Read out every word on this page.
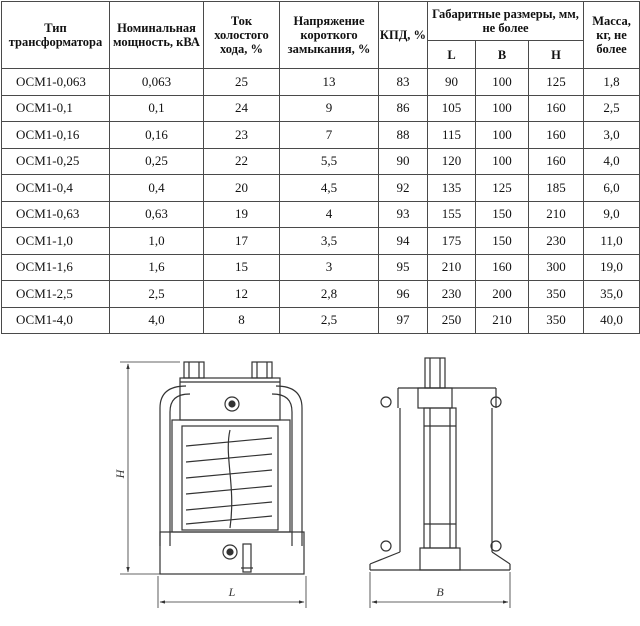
Тип трансформатора	Номинальная мощность, кВА	Ток холостого хода, %	Напряжение короткого замыкания, %	КПД, %	Габаритные размеры, мм, не более			Масса, кг, не более
					L	B	H	
ОСМ1-0,063	0,063	25	13	83	90	100	125	1,8
ОСМ1-0,1	0,1	24	9	86	105	100	160	2,5
ОСМ1-0,16	0,16	23	7	88	115	100	160	3,0
ОСМ1-0,25	0,25	22	5,5	90	120	100	160	4,0
ОСМ1-0,4	0,4	20	4,5	92	135	125	185	6,0
ОСМ1-0,63	0,63	19	4	93	155	150	210	9,0
ОСМ1-1,0	1,0	17	3,5	94	175	150	230	11,0
ОСМ1-1,6	1,6	15	3	95	210	160	300	19,0
ОСМ1-2,5	2,5	12	2,8	96	230	200	350	35,0
ОСМ1-4,0	4,0	8	2,5	97	250	210	350	40,0
H
L	B
